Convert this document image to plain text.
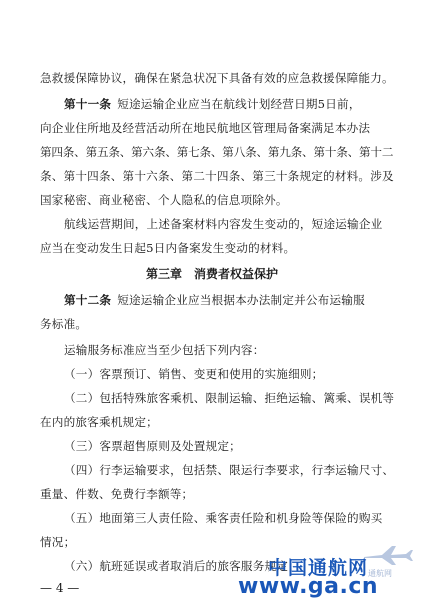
急救援保障协议，确保在紧急状况下具备有效的应急救援保障能力。
第十一条 短途运输企业应当在航线计划经营日期5日前，
向企业住所地及经营活动所在地民航地区管理局备案满足本办法
第四条、第五条、第六条、第七条、第八条、第九条、第十条、第十二
条、第十四条、第十六条、第二十四条、第三十条规定的材料。涉及
国家秘密、商业秘密、个人隐私的信息项除外。
航线运营期间，上述备案材料内容发生变动的，短途运输企业
应当在变动发生日起5日内备案发生变动的材料。
第三章　消费者权益保护
第十二条 短途运输企业应当根据本办法制定并公布运输服
务标准。
运输服务标准应当至少包括下列内容：
（一）客票预订、销售、变更和使用的实施细则；
（二）包括特殊旅客乘机、限制运输、拒绝运输、篱乘、误机等
在内的旅客乘机规定；
（三）客票超售原则及处置规定；
（四）行李运输要求，包括禁、限运行李要求，行李运输尺寸、
重量、件数、免费行李额等；
（五）地面第三人责任险、乘客责任险和机身险等保险的购买
情况；
（六）航班延误或者取消后的旅客服务规定；
— 4 —
中国通航网
www.ga.cn
通航网
